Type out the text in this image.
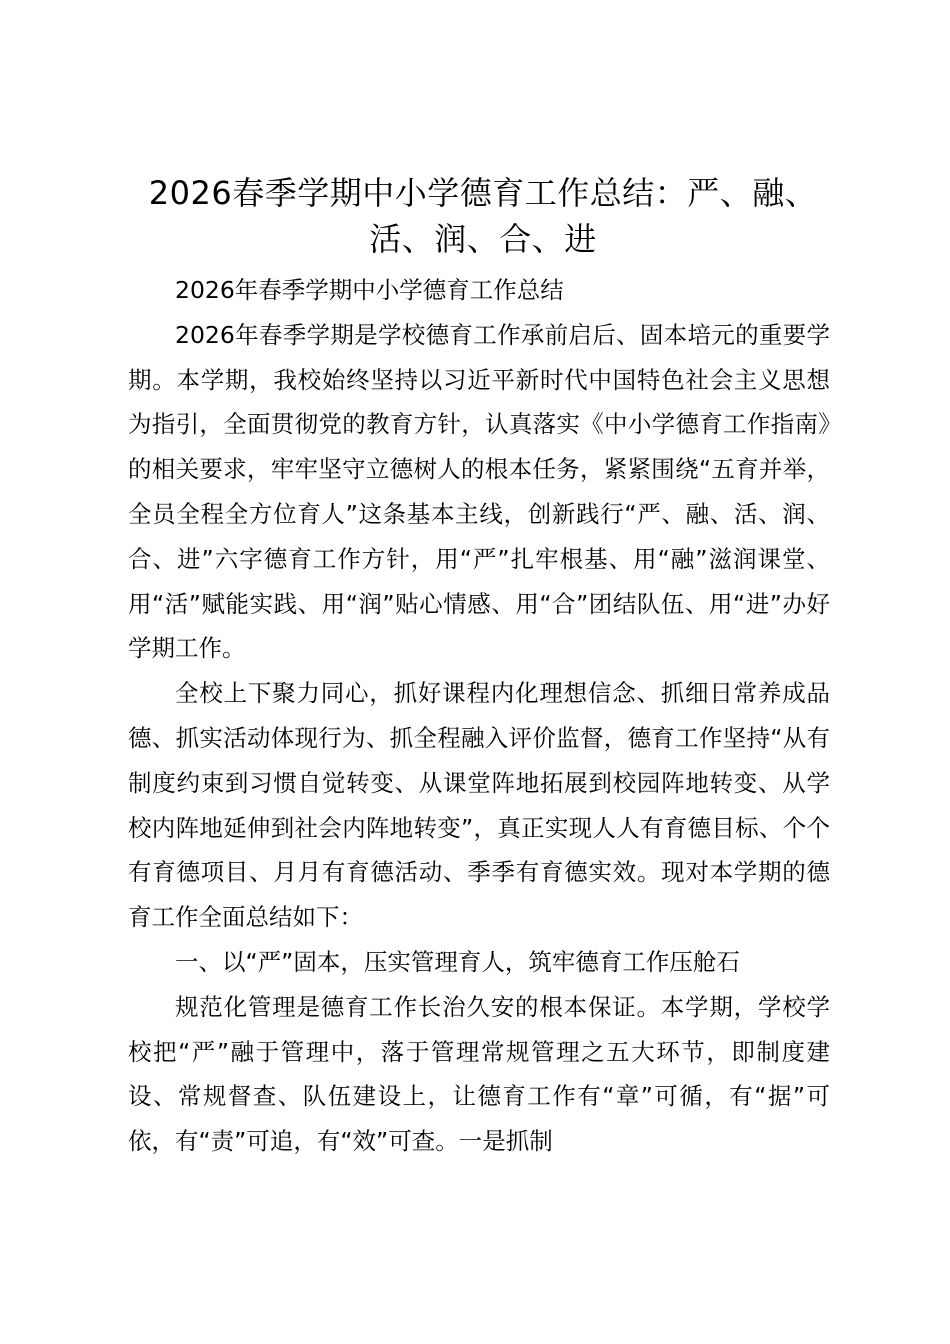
2026春季学期中小学德育工作总结：严、融、活、润、合、进

2026年春季学期中小学德育工作总结

2026年春季学期是学校德育工作承前启后、固本培元的重要学期。本学期，我校始终坚持以习近平新时代中国特色社会主义思想为指引，全面贯彻党的教育方针，认真落实《中小学德育工作指南》的相关要求，牢牢坚守立德树人的根本任务，紧紧围绕“五育并举，全员全程全方位育人”这条基本主线，创新践行“严、融、活、润、合、进”六字德育工作方针，用“严”扎牢根基、用“融”滋润课堂、用“活”赋能实践、用“润”贴心情感、用“合”团结队伍、用“进”办好学期工作。

全校上下聚力同心，抓好课程内化理想信念、抓细日常养成品德、抓实活动体现行为、抓全程融入评价监督，德育工作坚持“从有制度约束到习惯自觉转变、从课堂阵地拓展到校园阵地转变、从学校内阵地延伸到社会内阵地转变”，真正实现人人有育德目标、个个有育德项目、月月有育德活动、季季有育德实效。现对本学期的德育工作全面总结如下：

一、以“严”固本，压实管理育人，筑牢德育工作压舱石

规范化管理是德育工作长治久安的根本保证。本学期，学校学校把“严”融于管理中，落于管理常规管理之五大环节，即制度建设、常规督查、队伍建设上，让德育工作有“章”可循，有“据”可依，有“责”可追，有“效”可查。一是抓制
